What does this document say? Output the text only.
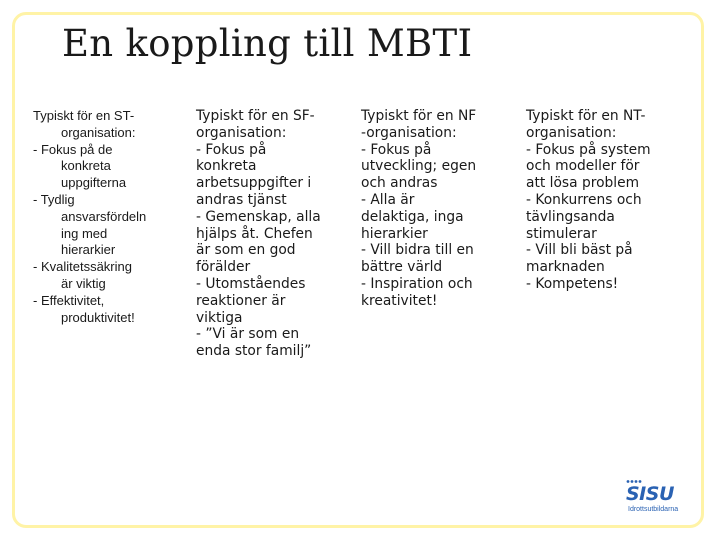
En koppling till MBTI
Typiskt för en ST-
organisation:
- Fokus på de
konkreta
uppgifterna
- Tydlig
ansvarsfördeln
ing med
hierarkier
- Kvalitetssäkring
är viktig
- Effektivitet,
produktivitet!
Typiskt för en SF-
organisation:
- Fokus på
konkreta
arbetsuppgifter i
andras tjänst
- Gemenskap, alla
hjälps åt. Chefen
är som en god
förälder
- Utomståendes
reaktioner är
viktiga
- ”Vi är som en
enda stor familj”
Typiskt för en NF
-organisation:
- Fokus på
utveckling; egen
och andras
- Alla är
delaktiga, inga
hierarkier
- Vill bidra till en
bättre värld
- Inspiration och
kreativitet!
Typiskt för en NT-
organisation:
- Fokus på system
och modeller för
att lösa problem
- Konkurrens och
tävlingsanda
stimulerar
- Vill bli bäst på
marknaden
- Kompetens!
SISU
Idrottsutbildarna
